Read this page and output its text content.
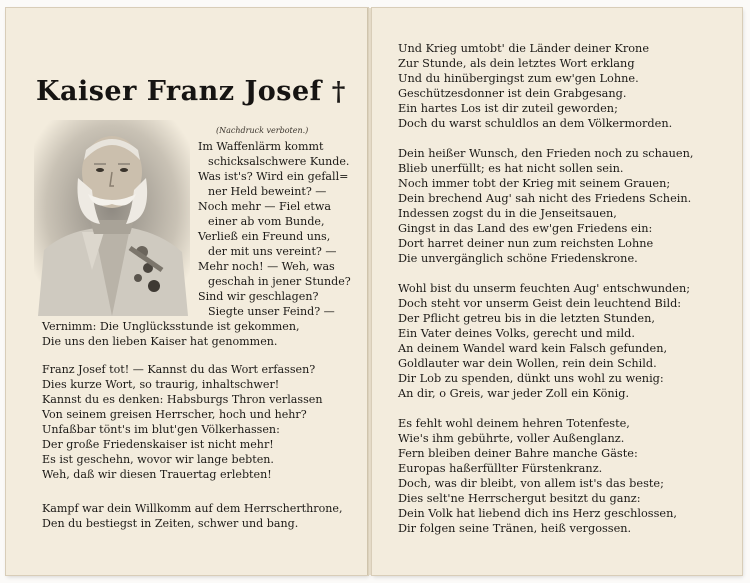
Kaiser Franz Josef †
(Nachdruck verboten.)
Im Waffenlärm kommt
schicksalschwere Kunde.
Was ist's? Wird ein gefall=
ner Held beweint? —
Noch mehr — Fiel etwa
einer ab vom Bunde,
Verließ ein Freund uns,
der mit uns vereint? —
Mehr noch! — Weh, was
geschah in jener Stunde?
Sind wir geschlagen?
Siegte unser Feind? —
Vernimm: Die Unglücksstunde ist gekommen,
Die uns den lieben Kaiser hat genommen.
Franz Josef tot! — Kannst du das Wort erfassen?
Dies kurze Wort, so traurig, inhaltschwer!
Kannst du es denken: Habsburgs Thron verlassen
Von seinem greisen Herrscher, hoch und hehr?
Unfaßbar tönt's im blut'gen Völkerhassen:
Der große Friedenskaiser ist nicht mehr!
Es ist geschehn, wovor wir lange bebten.
Weh, daß wir diesen Trauertag erlebten!
Kampf war dein Willkomm auf dem Herrscherthrone,
Den du bestiegst in Zeiten, schwer und bang.
Und Krieg umtobt' die Länder deiner Krone
Zur Stunde, als dein letztes Wort erklang
Und du hinübergingst zum ew'gen Lohne.
Geschützesdonner ist dein Grabgesang.
Ein hartes Los ist dir zuteil geworden;
Doch du warst schuldlos an dem Völkermorden.
Dein heißer Wunsch, den Frieden noch zu schauen,
Blieb unerfüllt; es hat nicht sollen sein.
Noch immer tobt der Krieg mit seinem Grauen;
Dein brechend Aug' sah nicht des Friedens Schein.
Indessen zogst du in die Jenseitsauen,
Gingst in das Land des ew'gen Friedens ein:
Dort harret deiner nun zum reichsten Lohne
Die unvergänglich schöne Friedenskrone.
Wohl bist du unserm feuchten Aug' entschwunden;
Doch steht vor unserm Geist dein leuchtend Bild:
Der Pflicht getreu bis in die letzten Stunden,
Ein Vater deines Volks, gerecht und mild.
An deinem Wandel ward kein Falsch gefunden,
Goldlauter war dein Wollen, rein dein Schild.
Dir Lob zu spenden, dünkt uns wohl zu wenig:
An dir, o Greis, war jeder Zoll ein König.
Es fehlt wohl deinem hehren Totenfeste,
Wie's ihm gebührte, voller Außenglanz.
Fern bleiben deiner Bahre manche Gäste:
Europas haßerfüllter Fürstenkranz.
Doch, was dir bleibt, von allem ist's das beste;
Dies selt'ne Herrschergut besitzt du ganz:
Dein Volk hat liebend dich ins Herz geschlossen,
Dir folgen seine Tränen, heiß vergossen.
